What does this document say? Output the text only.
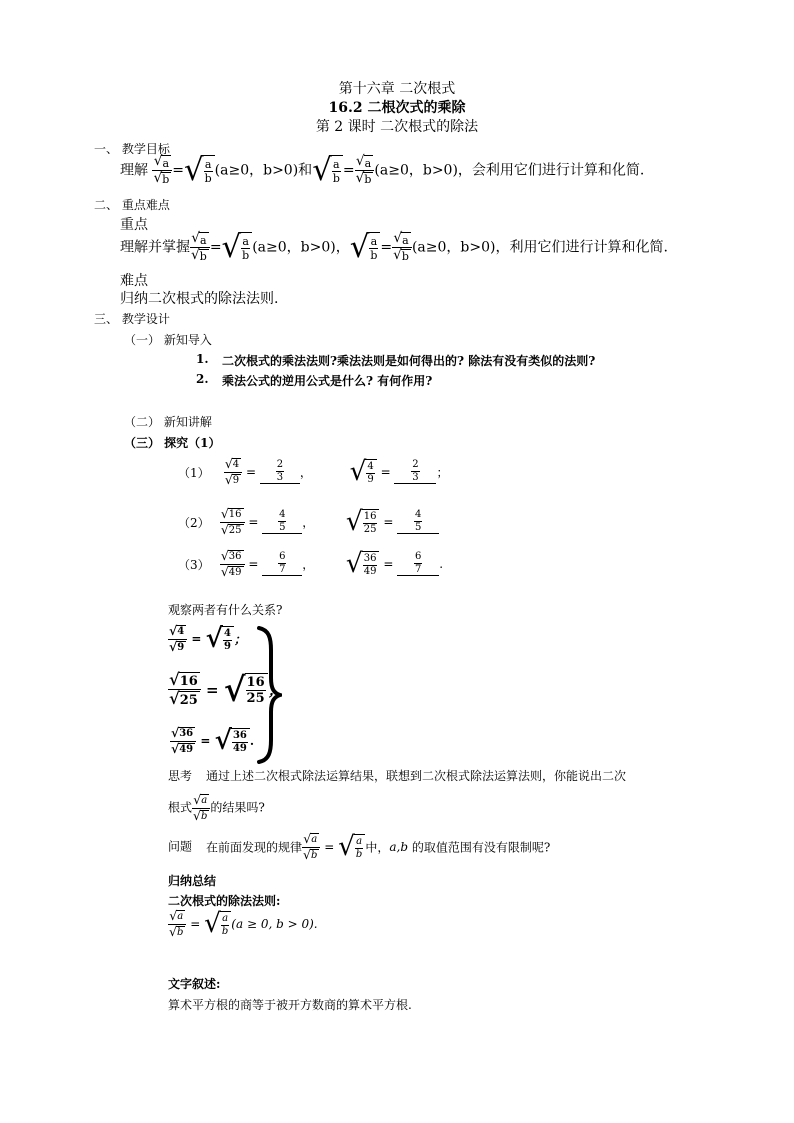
第十六章 二次根式
16.2 二根次式的乘除
第 2 课时 二次根式的除法
一、 教学目标
理解 $\frac{√ a}{√ b}$ = √ $\frac{a}{b} (a\ge 0$，b>0)和 √ $\frac{a}{b} = \frac{√ a}{√ b} (a\ge 0$，b>0)，会利用它们进行计算和化简.
二、 重点难点
重点
理解并掌握 $\frac{√ a}{√ b}$ = √ $\frac{a}{b} (a\ge 0$，b>0)， √ $\frac{a}{b} = \frac{√ a}{√ b} (a\ge 0$，b>0)，利用它们进行计算和化简.
难点
归纳二次根式的除法法则.
三、 教学设计
（一） 新知导入
1. 二次根式的乘法法则?乘法法则是如何得出的? 除法有没有类似的法则?
2. 乘法公式的逆用公式是什么? 有何作用?
（二） 新知讲解
（三） 探究（1）
$(1) \frac{√ 4}{√ 9} = \frac{2}{3}$ ， √ $\frac{4}{9} = \frac{2}{3}$ ；
$(2) \frac{√ 16}{√ 25} = \frac{4}{5}$ ， √ $\frac{16}{25} = \frac{4}{5}$
$(3) \frac{√ 36}{√ 49} = \frac{6}{7}$ ， √ $\frac{36}{49} = \frac{6}{7}$ .
观察两者有什么关系?
$\frac{√ 4}{√ 9}$ = √ $\frac{4}{9}$ ；
$\frac{√ 16}{√ 25}$ = √ $\frac{16}{25}$ ；
$\frac{√ 36}{√ 49}$ = √ $\frac{36}{49}$ .
思考 通过上述二次根式除法运算结果，联想到二次根式除法运算法则，你能说出二次
根式 $\frac{√ a}{√ b}$ 的结果吗?
问题 在前面发现的规律 $\frac{√ a}{√ b}$ = √ $\frac{a}{b}$ 中，a,b 的取值范围有没有限制呢?
归纳总结
二次根式的除法法则:
$\frac{√ a}{√ b}$ = √ $\frac{a}{b} (a \ge 0$, b > 0).
文字叙述:
算术平方根的商等于被开方数商的算术平方根.
